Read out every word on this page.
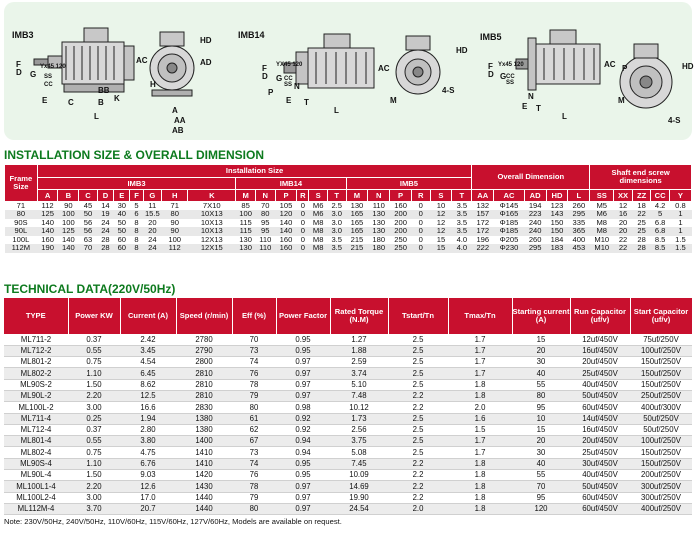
IMB3	IMB14	IMB5
AC	AD
HD
BB
L
E	C	B
AA
A
K
H
F
D G
AB
Yx45 120
SS
CC
HD
AC
M
4-S
L
E T
N
P
F
D G
YX45 120
SS
CC
HD
AC P
M
4-S
L
E T
N
F
D G
Yx45 120
SS
CC
INSTALLATION SIZE & OVERALL DIMENSION
Frame Size	Installation Size																					Overall Dimension					Shaft end screw dimensions				
	IMB3									IMB14						IMB5															
	A	B	C	D	E	F	G	H	K	M	N	P	R	S	T	M	N	P	R	S	T	AA	AC	AD	HD	L	SS	XX	ZZ	CC	Y
71	112	90	45	14	30	5	11	71	7X10	85	70	105	0	M6	2.5	130	110	160	0	10	3.5	132	Φ145	194	123	260	M5	12	18	4.2	0.8
80	125	100	50	19	40	6	15.5	80	10X13	100	80	120	0	M6	3.0	165	130	200	0	12	3.5	157	Φ165	223	143	295	M6	16	22	5	1
90S	140	100	56	24	50	8	20	90	10X13	115	95	140	0	M8	3.0	165	130	200	0	12	3.5	172	Φ185	240	150	335	M8	20	25	6.8	1
90L	140	125	56	24	50	8	20	90	10X13	115	95	140	0	M8	3.0	165	130	200	0	12	3.5	172	Φ185	240	150	365	M8	20	25	6.8	1
100L	160	140	63	28	60	8	24	100	12X13	130	110	160	0	M8	3.5	215	180	250	0	15	4.0	196	Φ205	260	184	400	M10	22	28	8.5	1.5
112M	190	140	70	28	60	8	24	112	12X15	130	110	160	0	M8	3.5	215	180	250	0	15	4.0	222	Φ230	295	183	453	M10	22	28	8.5	1.5
TECHNICAL DATA(220V/50Hz)
TYPE	Power KW	Current (A)	Speed (r/min)	Eff (%)	Power Factor	Rated Torque (N.M)	Tstart/Tn	Tmax/Tn	Starting current (A)	Run Capacitor (uf/v)	Start Capacitor (uf/v)
ML711-2	0.37	2.42	2780	70	0.95	1.27	2.5	1.7	15	12uf/450V	75uf/250V
ML712-2	0.55	3.45	2790	73	0.95	1.88	2.5	1.7	20	16uf/450V	100uf/250V
ML801-2	0.75	4.54	2800	74	0.97	2.59	2.5	1.7	30	20uf/450V	150uf/250V
ML802-2	1.10	6.45	2810	76	0.97	3.74	2.5	1.7	40	25uf/450V	150uf/250V
ML90S-2	1.50	8.62	2810	78	0.97	5.10	2.5	1.8	55	40uf/450V	150uf/250V
ML90L-2	2.20	12.5	2810	79	0.97	7.48	2.2	1.8	80	50uf/450V	250uf/250V
ML100L-2	3.00	16.6	2830	80	0.98	10.12	2.2	2.0	95	60uf/450V	400uf/300V
ML711-4	0.25	1.94	1380	61	0.92	1.73	2.5	1.6	10	14uf/450V	50uf/250V
ML712-4	0.37	2.80	1380	62	0.92	2.56	2.5	1.5	15	16uf/450V	50uf/250V
ML801-4	0.55	3.80	1400	67	0.94	3.75	2.5	1.7	20	20uf/450V	100uf/250V
ML802-4	0.75	4.75	1410	73	0.94	5.08	2.5	1.7	30	25uf/450V	150uf/250V
ML90S-4	1.10	6.76	1410	74	0.95	7.45	2.2	1.8	40	30uf/450V	150uf/250V
ML90L-4	1.50	9.03	1420	76	0.95	10.09	2.2	1.8	55	40uf/450V	200uf/250V
ML100L1-4	2.20	12.6	1430	78	0.97	14.69	2.2	1.8	70	50uf/450V	300uf/250V
ML100L2-4	3.00	17.0	1440	79	0.97	19.90	2.2	1.8	95	60uf/450V	300uf/250V
ML112M-4	3.70	20.7	1440	80	0.97	24.54	2.0	1.8	120	60uf/450V	400uf/250V
Note: 230V/50Hz, 240V/50Hz, 110V/60Hz, 115V/60Hz, 127V/60Hz, Models are available on request.
